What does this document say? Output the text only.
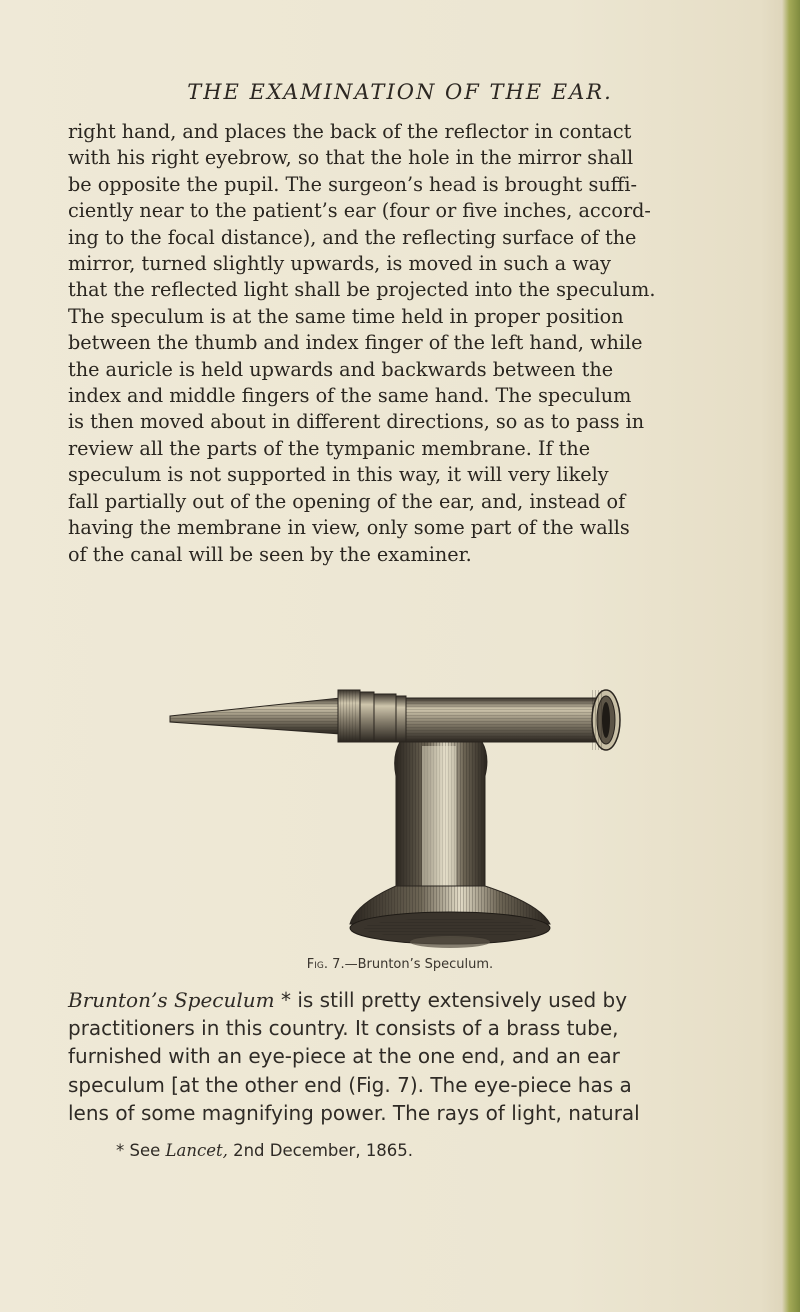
THE EXAMINATION OF THE EAR.
right hand, and places the back of the reflector in contact
with his right eyebrow, so that the hole in the mirror shall
be opposite the pupil. The surgeon’s head is brought suffi-
ciently near to the patient’s ear (four or five inches, accord-
ing to the focal distance), and the reflecting surface of the
mirror, turned slightly upwards, is moved in such a way
that the reflected light shall be projected into the speculum.
The speculum is at the same time held in proper position
between the thumb and index finger of the left hand, while
the auricle is held upwards and backwards between the
index and middle fingers of the same hand. The speculum
is then moved about in different directions, so as to pass in
review all the parts of the tympanic membrane. If the
speculum is not supported in this way, it will very likely
fall partially out of the opening of the ear, and, instead of
having the membrane in view, only some part of the walls
of the canal will be seen by the examiner.
Fig. 7.—Brunton’s Speculum.
Brunton’s Speculum * is still pretty extensively used by
practitioners in this country. It consists of a brass tube,
furnished with an eye-piece at the one end, and an ear
speculum [at the other end (Fig. 7). The eye-piece has a
lens of some magnifying power. The rays of light, natural
* See Lancet, 2nd December, 1865.
